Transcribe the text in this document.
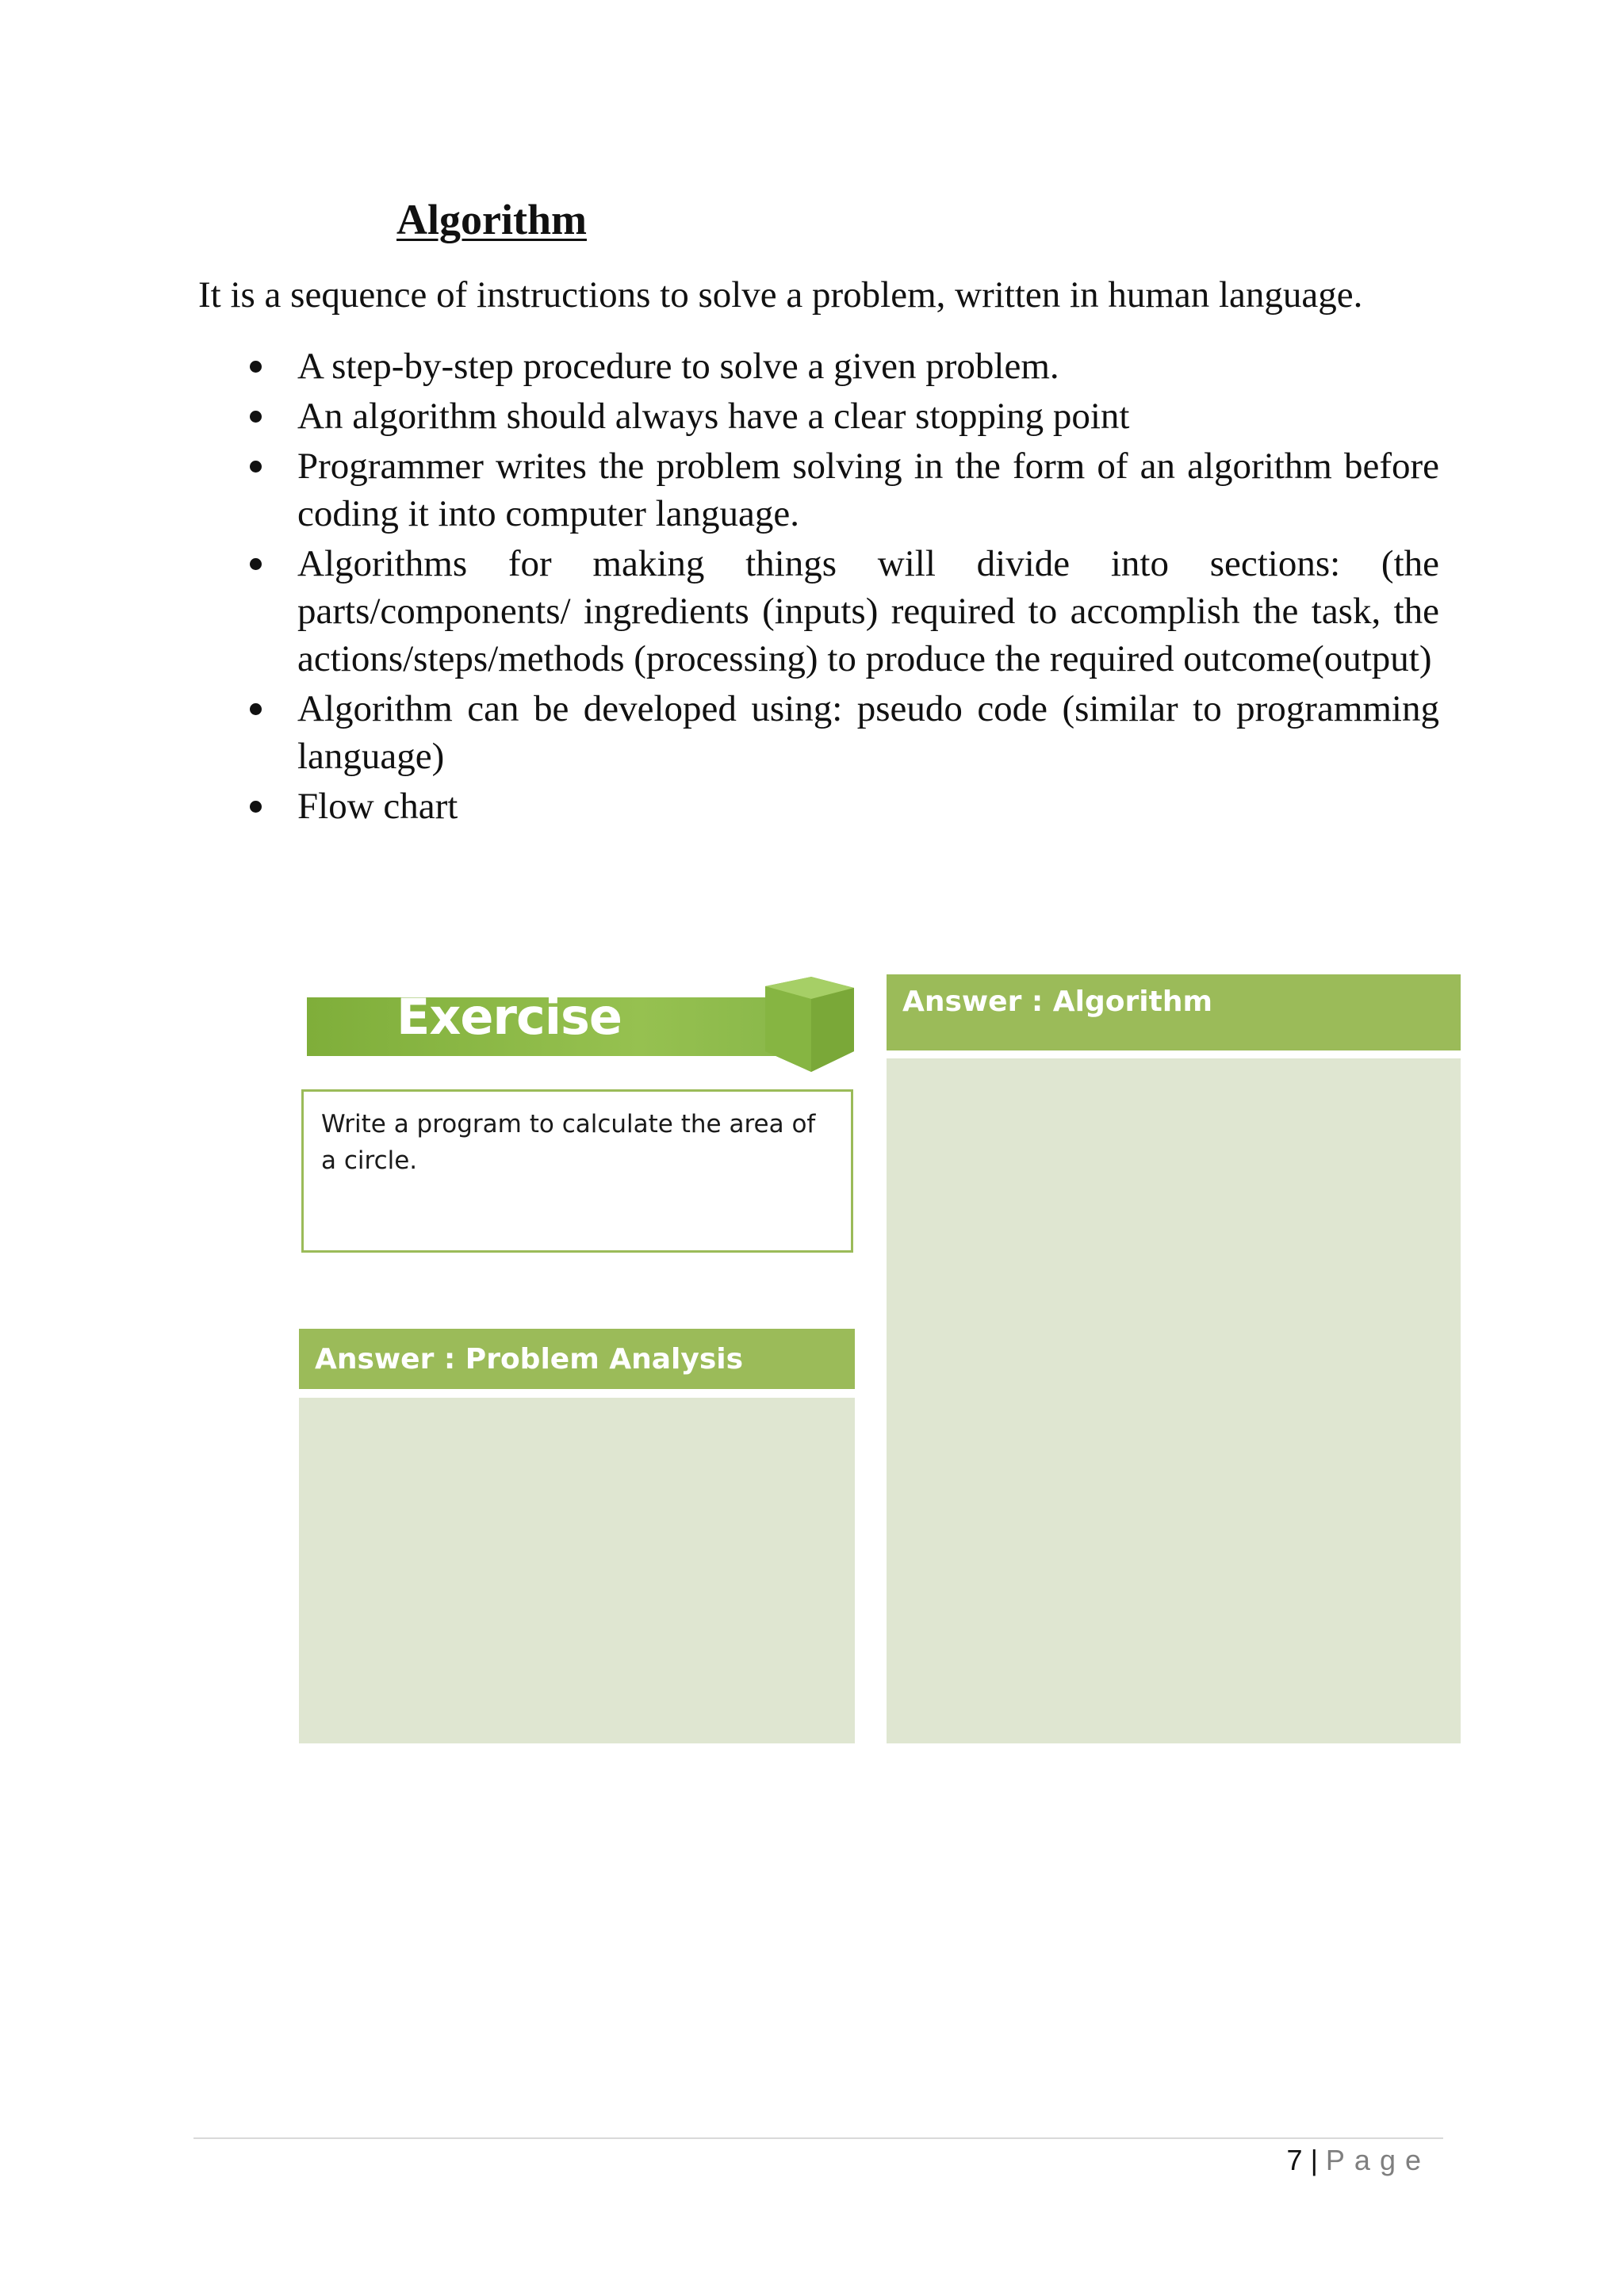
Algorithm

It is a sequence of instructions to solve a problem, written in human language.

A step-by-step procedure to solve a given problem.
An algorithm should always have a clear stopping point
Programmer writes the problem solving in the form of an algorithm before coding it into computer language.
Algorithms for making things will divide into sections: (the parts/components/ ingredients (inputs) required to accomplish the task, the actions/steps/methods (processing) to produce the required outcome(output)
Algorithm can be developed using: pseudo code (similar to programming language)
Flow chart
Exercise
Write a program to calculate the area of a circle.
Answer : Algorithm
Answer : Problem Analysis
7 | Page
